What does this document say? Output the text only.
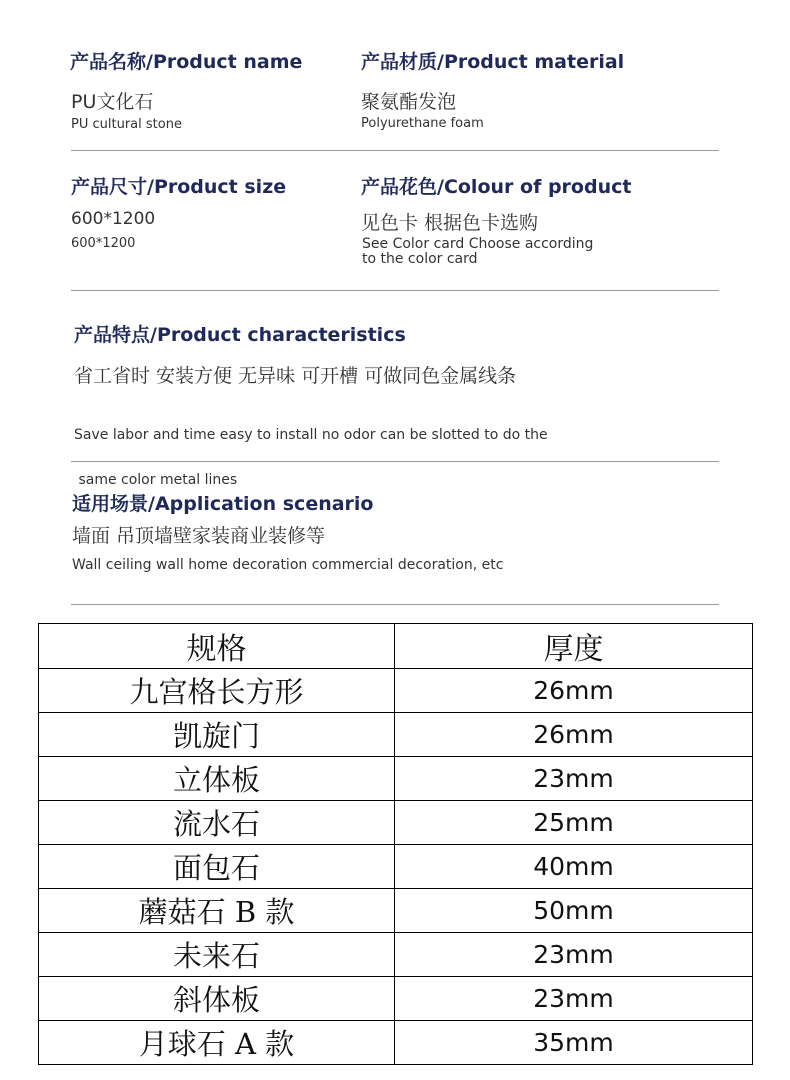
产品名称/Product name
PU文化石
PU cultural stone
产品材质/Product material
聚氨酯发泡
Polyurethane foam
产品尺寸/Product size
600*1200
600*1200
产品花色/Colour of product
见色卡 根据色卡选购
See Color card Choose according
to the color card
产品特点/Product characteristics
省工省时 安装方便 无异味 可开槽 可做同色金属线条

Save labor and time easy to install no odor can be slotted to do the

same color metal lines

适用场景/Application scenario
墙面 吊顶墙壁家装商业装修等
Wall ceiling wall home decoration commercial decoration, etc
规格	厚度
九宫格长方形	26mm
凯旋门	26mm
立体板	23mm
流水石	25mm
面包石	40mm
蘑菇石 B 款	50mm
未来石	23mm
斜体板	23mm
月球石 A 款	35mm
